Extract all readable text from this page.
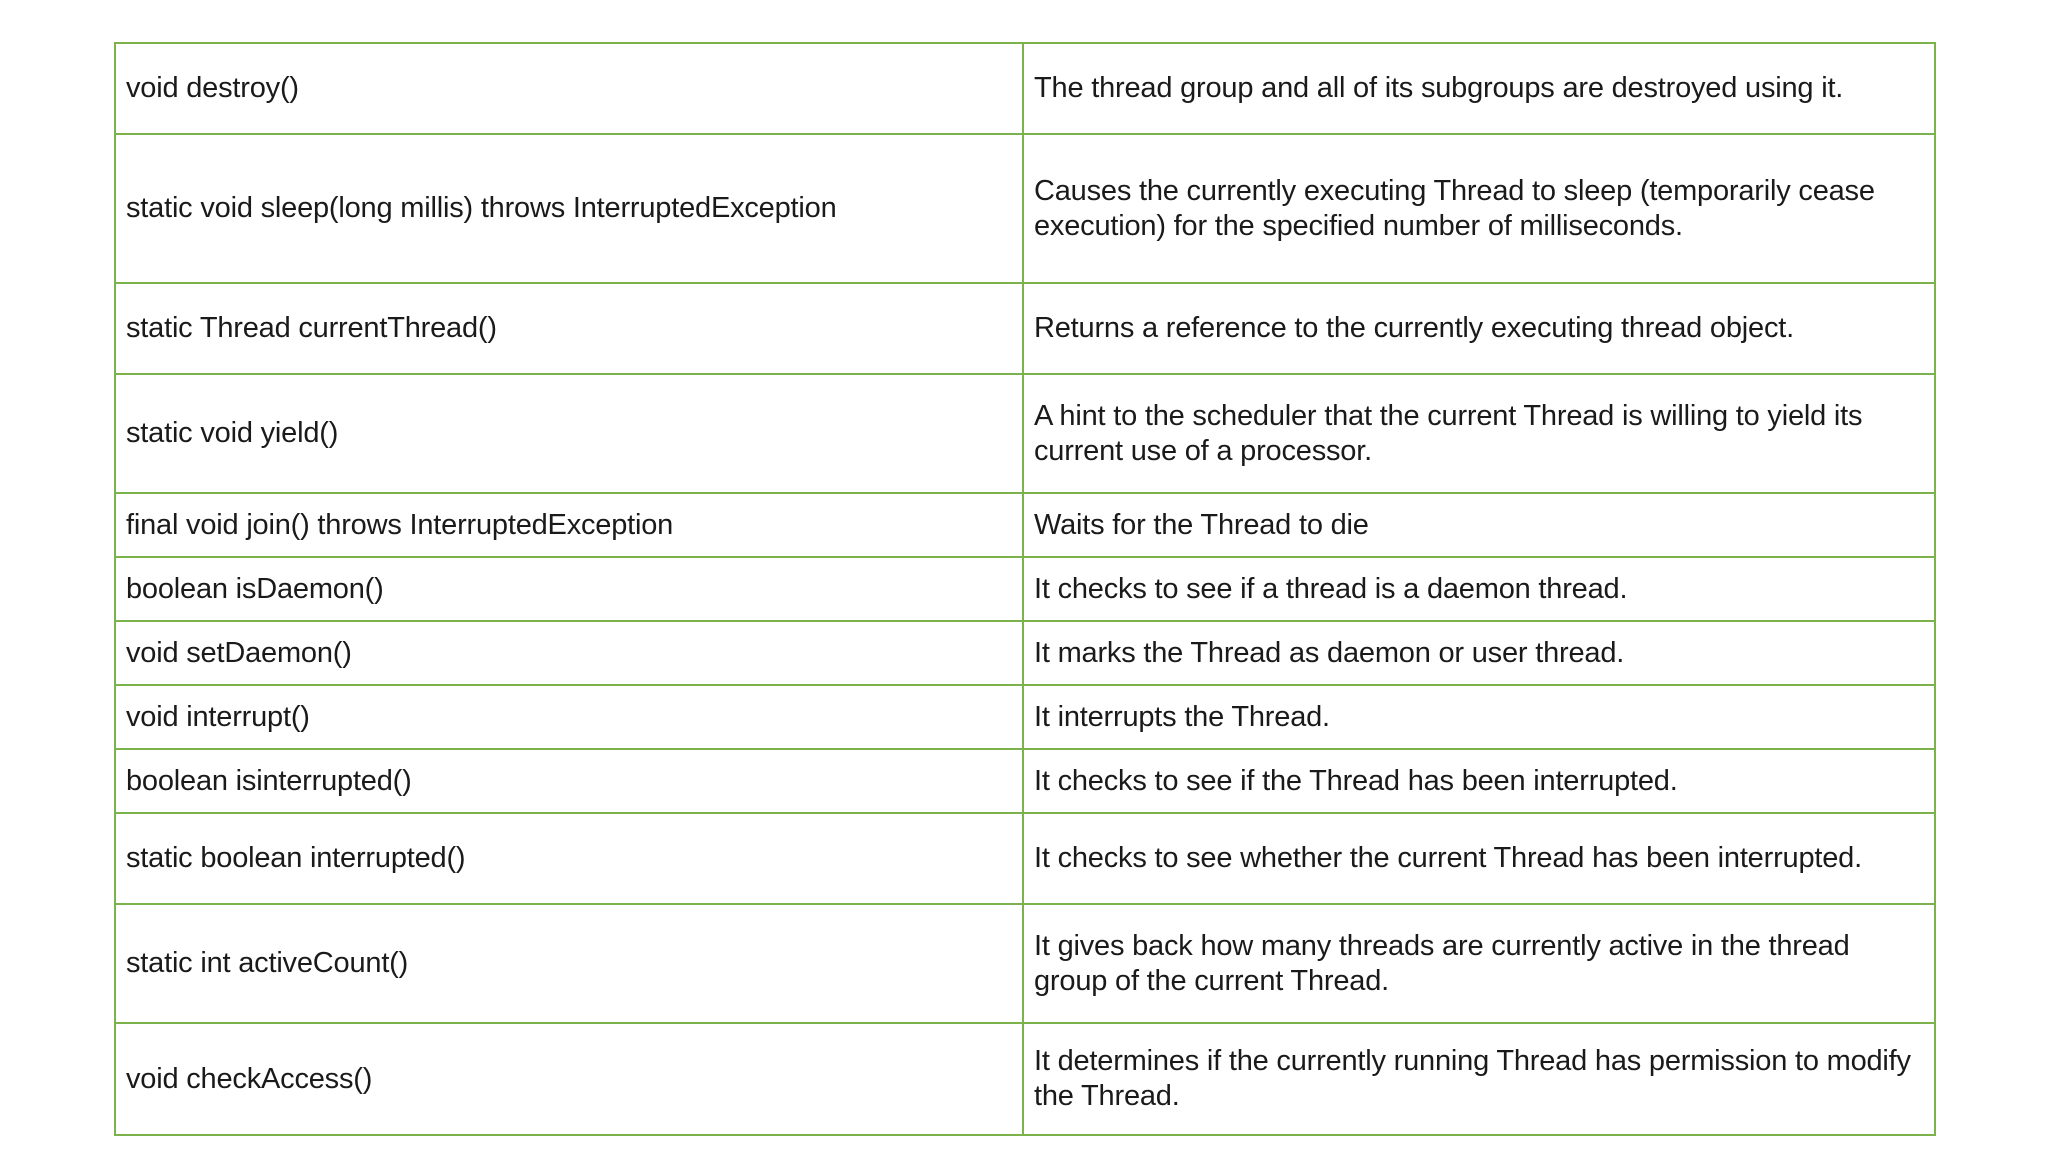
void destroy()	The thread group and all of its subgroups are destroyed using it.
static void sleep(long millis) throws InterruptedException	Causes the currently executing Thread to sleep (temporarily cease execution) for the specified number of milliseconds.
static Thread currentThread()	Returns a reference to the currently executing thread object.
static void yield()	A hint to the scheduler that the current Thread is willing to yield its current use of a processor.
final void join() throws InterruptedException	Waits for the Thread to die
boolean isDaemon()	It checks to see if a thread is a daemon thread.
void setDaemon()	It marks the Thread as daemon or user thread.
void interrupt()	It interrupts the Thread.
boolean isinterrupted()	It checks to see if the Thread has been interrupted.
static boolean interrupted()	It checks to see whether the current Thread has been interrupted.
static int activeCount()	It gives back how many threads are currently active in the thread group of the current Thread.
void checkAccess()	It determines if the currently running Thread has permission to modify the Thread.
